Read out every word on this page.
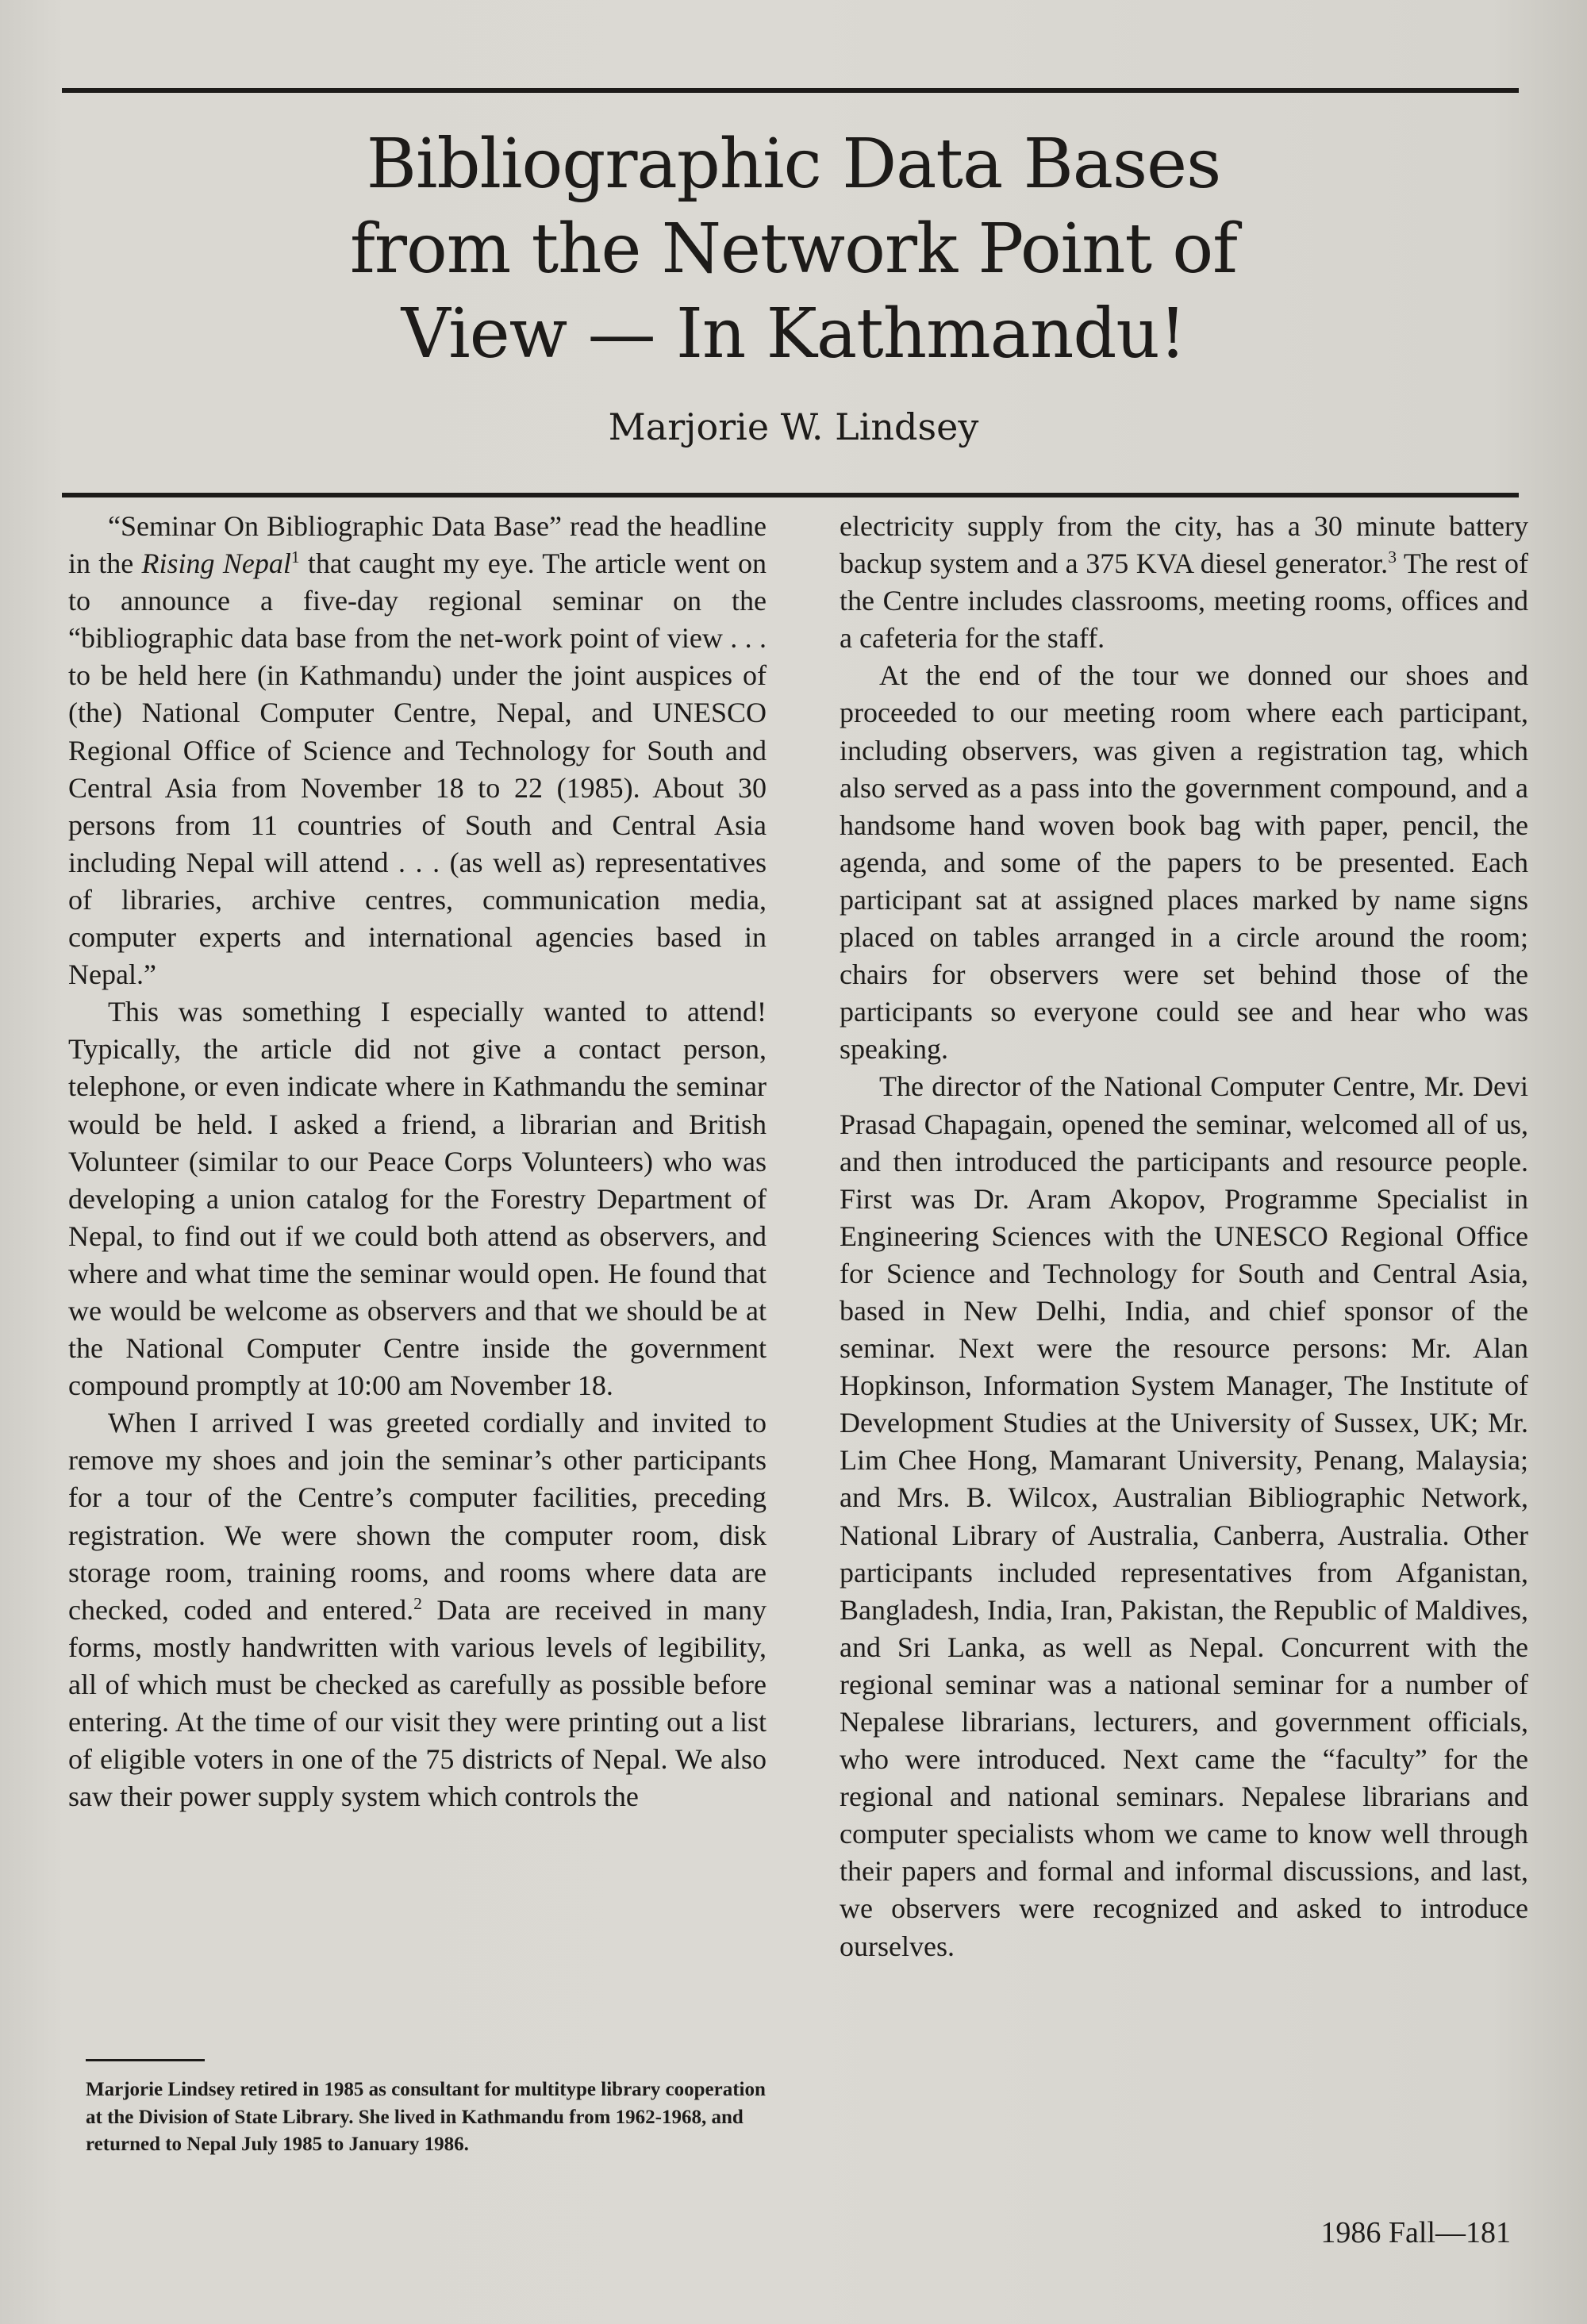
Bibliographic Data Bases
from the Network Point of
View — In Kathmandu!
Marjorie W. Lindsey

“Seminar On Bibliographic Data Base” read the headline in the Rising Nepal$^1$ that caught my eye. The article went on to announce a five-day regional seminar on the “bibliographic data base from the net-work point of view . . . to be held here (in Kathmandu) under the joint auspices of (the) National Computer Centre, Nepal, and UNESCO Regional Office of Science and Technology for South and Central Asia from November 18 to 22 (1985). About 30 persons from 11 countries of South and Central Asia including Nepal will attend . . . (as well as) representatives of libraries, archive centres, communication media, computer experts and international agencies based in Nepal.”

This was something I especially wanted to attend! Typically, the article did not give a contact person, telephone, or even indicate where in Kathmandu the seminar would be held. I asked a friend, a librarian and British Volunteer (similar to our Peace Corps Volunteers) who was developing a union catalog for the Forestry Department of Nepal, to find out if we could both attend as observers, and where and what time the seminar would open. He found that we would be welcome as observers and that we should be at the National Computer Centre inside the government compound promptly at 10:00 am November 18.

When I arrived I was greeted cordially and invited to remove my shoes and join the seminar’s other participants for a tour of the Centre’s computer facilities, preceding registration. We were shown the computer room, disk storage room, training rooms, and rooms where data are checked, coded and entered.$^2$ Data are received in many forms, mostly handwritten with various levels of legibility, all of which must be checked as carefully as possible before entering. At the time of our visit they were printing out a list of eligible voters in one of the 75 districts of Nepal. We also saw their power supply system which controls the

electricity supply from the city, has a 30 minute battery backup system and a 375 KVA diesel generator.$^3$ The rest of the Centre includes classrooms, meeting rooms, offices and a cafeteria for the staff.

At the end of the tour we donned our shoes and proceeded to our meeting room where each participant, including observers, was given a registration tag, which also served as a pass into the government compound, and a handsome hand woven book bag with paper, pencil, the agenda, and some of the papers to be presented. Each participant sat at assigned places marked by name signs placed on tables arranged in a circle around the room; chairs for observers were set behind those of the participants so everyone could see and hear who was speaking.

The director of the National Computer Centre, Mr. Devi Prasad Chapagain, opened the seminar, welcomed all of us, and then introduced the participants and resource people. First was Dr. Aram Akopov, Programme Specialist in Engineering Sciences with the UNESCO Regional Office for Science and Technology for South and Central Asia, based in New Delhi, India, and chief sponsor of the seminar. Next were the resource persons: Mr. Alan Hopkinson, Information System Manager, The Institute of Development Studies at the University of Sussex, UK; Mr. Lim Chee Hong, Mamarant University, Penang, Malaysia; and Mrs. B. Wilcox, Australian Bibliographic Network, National Library of Australia, Canberra, Australia. Other participants included representatives from Afganistan, Bangladesh, India, Iran, Pakistan, the Republic of Maldives, and Sri Lanka, as well as Nepal. Concurrent with the regional seminar was a national seminar for a number of Nepalese librarians, lecturers, and government officials, who were introduced. Next came the “faculty” for the regional and national seminars. Nepalese librarians and computer specialists whom we came to know well through their papers and formal and informal discussions, and last, we observers were recognized and asked to introduce ourselves.

Marjorie Lindsey retired in 1985 as consultant for multitype library cooperation at the Division of State Library. She lived in Kathmandu from 1962-1968, and returned to Nepal July 1985 to January 1986.
1986 Fall—181
